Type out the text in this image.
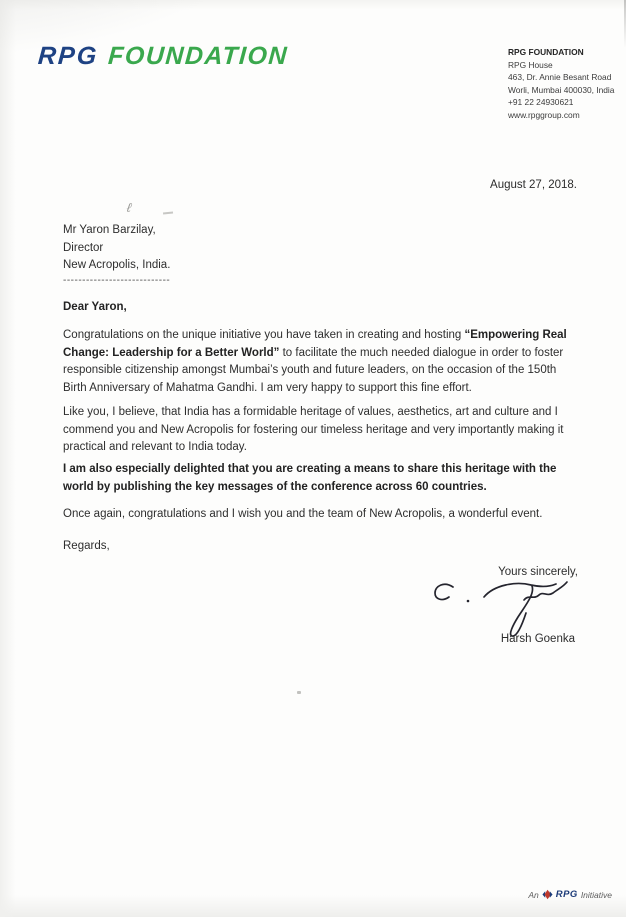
RPG FOUNDATION	RPG FOUNDATION
RPG House
463, Dr. Annie Besant Road
Worli, Mumbai 400030, India
+91 22 24930621
www.rpggroup.com
August 27, 2018.
ℓ
Mr Yaron Barzilay,
Director
New Acropolis, India.
----------------------------
Dear Yaron,

Congratulations on the unique initiative you have taken in creating and hosting “Empowering Real Change: Leadership for a Better World” to facilitate the much needed dialogue in order to foster responsible citizenship amongst Mumbai’s youth and future leaders, on the occasion of the 150th Birth Anniversary of Mahatma Gandhi. I am very happy to support this fine effort.

Like you, I believe, that India has a formidable heritage of values, aesthetics, art and culture and I commend you and New Acropolis for fostering our timeless heritage and very importantly making it practical and relevant to India today.

I am also especially delighted that you are creating a means to share this heritage with the world by publishing the key messages of the conference across 60 countries.

Once again, congratulations and I wish you and the team of New Acropolis, a wonderful event.

Regards,
Yours sincerely,
Harsh Goenka
An RPG Initiative
